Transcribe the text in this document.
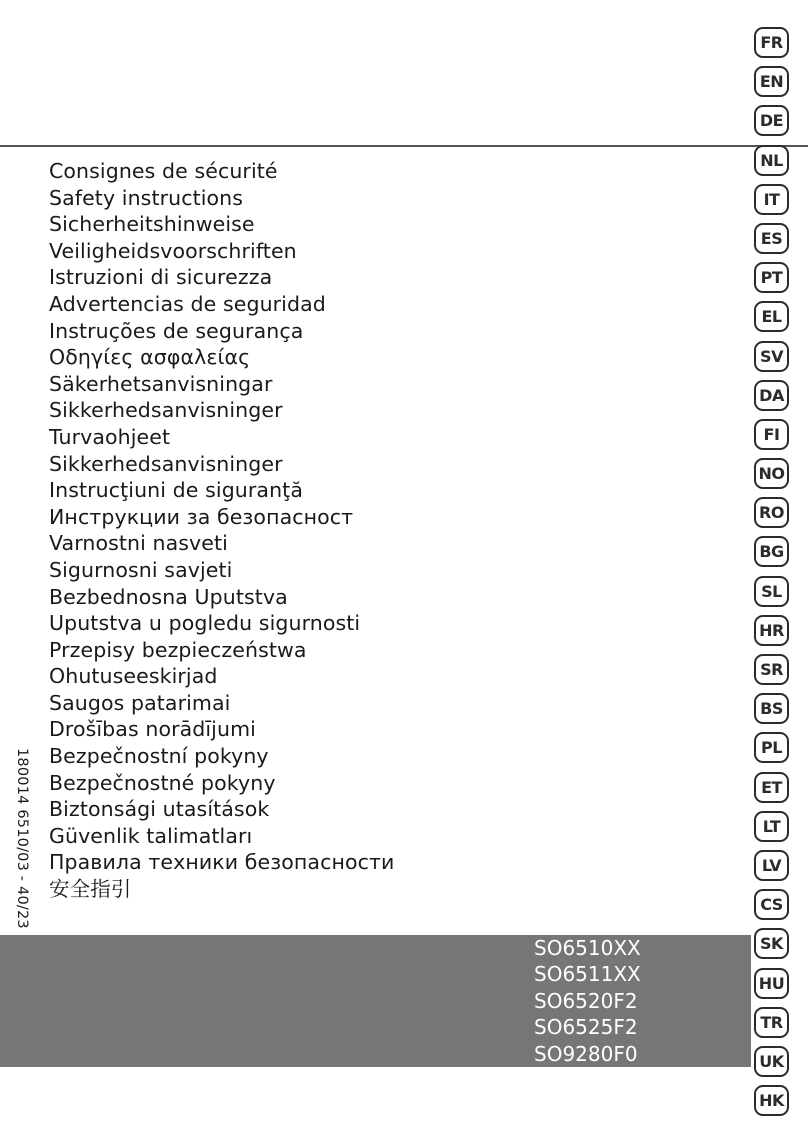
Consignes de sécurité
Safety instructions
Sicherheitshinweise
Veiligheidsvoorschriften
Istruzioni di sicurezza
Advertencias de seguridad
Instruções de segurança
Οδηγίες ασφαλείας
Säkerhetsanvisningar
Sikkerhedsanvisninger
Turvaohjeet
Sikkerhedsanvisninger
Instrucţiuni de siguranţă
Инструкции за безопасност
Varnostni nasveti
Sigurnosni savjeti
Bezbednosna Uputstva
Uputstva u pogledu sigurnosti
Przepisy bezpieczeństwa
Ohutuseeskirjad
Saugos patarimai
Drošības norādījumi
Bezpečnostní pokyny
Bezpečnostné pokyny
Biztonsági utasítások
Güvenlik talimatları
Правила техники безопасности
安全指引
180014 6510/03 - 40/23
SO6510XX
SO6511XX
SO6520F2
SO6525F2
SO9280F0
FR
EN
DE
NL
IT
ES
PT
EL
SV
DA
FI
NO
RO
BG
SL
HR
SR
BS
PL
ET
LT
LV
CS
SK
HU
TR
UK
HK
